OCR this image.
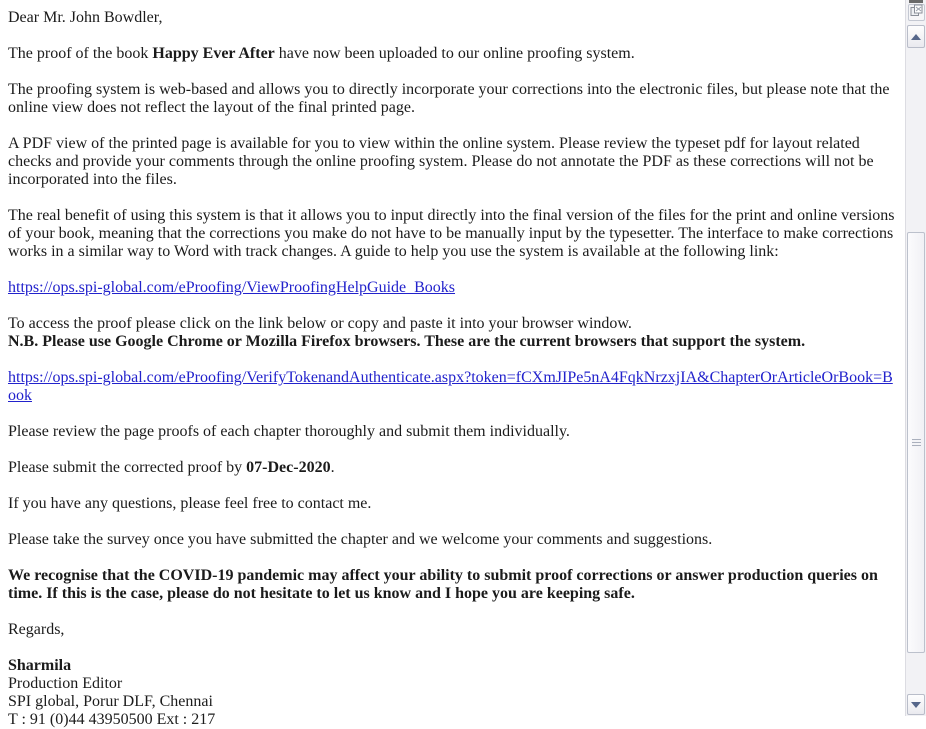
Dear Mr. John Bowdler,

The proof of the book Happy Ever After have now been uploaded to our online proofing system.

The proofing system is web-based and allows you to directly incorporate your corrections into the electronic files, but please note that the online view does not reflect the layout of the final printed page.

A PDF view of the printed page is available for you to view within the online system. Please review the typeset pdf for layout related checks and provide your comments through the online proofing system. Please do not annotate the PDF as these corrections will not be incorporated into the files.

The real benefit of using this system is that it allows you to input directly into the final version of the files for the print and online versions of your book, meaning that the corrections you make do not have to be manually input by the typesetter. The interface to make corrections works in a similar way to Word with track changes. A guide to help you use the system is available at the following link:

https://ops.spi-global.com/eProofing/ViewProofingHelpGuide_Books

To access the proof please click on the link below or copy and paste it into your browser window.
N.B. Please use Google Chrome or Mozilla Firefox browsers. These are the current browsers that support the system.

https://ops.spi-global.com/eProofing/VerifyTokenandAuthenticate.aspx?token=fCXmJIPe5nA4FqkNrzxjIA&ChapterOrArticleOrBook=Book

Please review the page proofs of each chapter thoroughly and submit them individually.

Please submit the corrected proof by 07-Dec-2020.

If you have any questions, please feel free to contact me.

Please take the survey once you have submitted the chapter and we welcome your comments and suggestions.

We recognise that the COVID-19 pandemic may affect your ability to submit proof corrections or answer production queries on time. If this is the case, please do not hesitate to let us know and I hope you are keeping safe.

Regards,

Sharmila
Production Editor
SPI global, Porur DLF, Chennai
T : 91 (0)44 43950500 Ext : 217
